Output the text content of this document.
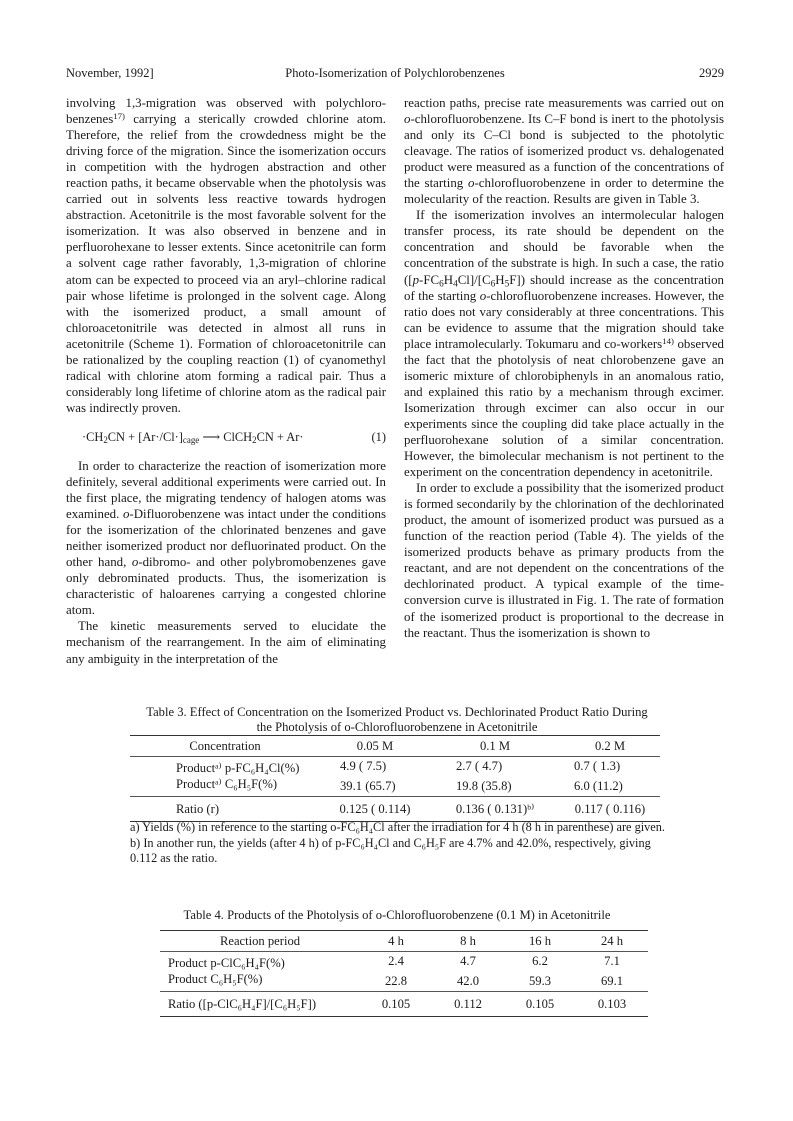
November, 1992]	Photo-Isomerization of Polychlorobenzenes	2929

involving 1,3-migration was observed with polychlorobenzenes$^{17)}$ carrying a sterically crowded chlorine atom. Therefore, the relief from the crowdedness might be the driving force of the migration. Since the isomerization occurs in competition with the hydrogen abstraction and other reaction paths, it became observable when the photolysis was carried out in solvents less reactive towards hydrogen abstraction. Acetonitrile is the most favorable solvent for the isomerization. It was also observed in benzene and in perfluorohexane to lesser extents. Since acetonitrile can form a solvent cage rather favorably, 1,3-migration of chlorine atom can be expected to proceed via an aryl–chlorine radical pair whose lifetime is prolonged in the solvent cage. Along with the isomerized product, a small amount of chloroacetonitrile was detected in almost all runs in acetonitrile (Scheme 1). Formation of chloroacetonitrile can be rationalized by the coupling reaction (1) of cyanomethyl radical with chlorine atom forming a radical pair. Thus a considerably long lifetime of chlorine atom as the radical pair was indirectly proven.

$\cdot CH_2CN + [Ar\cdot/Cl\cdot]_{cage}$ ⟶ ClCH$_2$CN + Ar·	(1)

In order to characterize the reaction of isomerization more definitely, several additional experiments were carried out. In the first place, the migrating tendency of halogen atoms was examined. o-Difluorobenzene was intact under the conditions for the isomerization of the chlorinated benzenes and gave neither isomerized product nor defluorinated product. On the other hand, o-dibromo- and other polybromobenzenes gave only debrominated products. Thus, the isomerization is characteristic of haloarenes carrying a congested chlorine atom.

The kinetic measurements served to elucidate the mechanism of the rearrangement. In the aim of eliminating any ambiguity in the interpretation of the

reaction paths, precise rate measurements was carried out on o-chlorofluorobenzene. Its C–F bond is inert to the photolysis and only its C–Cl bond is subjected to the photolytic cleavage. The ratios of isomerized product vs. dehalogenated product were measured as a function of the concentrations of the starting o-chlorofluorobenzene in order to determine the molecularity of the reaction. Results are given in Table 3.

If the isomerization involves an intermolecular halogen transfer process, its rate should be dependent on the concentration and should be favorable when the concentration of the substrate is high. In such a case, the ratio $([p-FC_6H_4Cl]/[C_6H_5F])$ should increase as the concentration of the starting o-chlorofluorobenzene increases. However, the ratio does not vary considerably at three concentrations. This can be evidence to assume that the migration should take place intramolecularly. Tokumaru and co-workers$^{14)}$ observed the fact that the photolysis of neat chlorobenzene gave an isomeric mixture of chlorobiphenyls in an anomalous ratio, and explained this ratio by a mechanism through excimer. Isomerization through excimer can also occur in our experiments since the coupling did take place actually in the perfluorohexane solution of a similar concentration. However, the bimolecular mechanism is not pertinent to the experiment on the concentration dependency in acetonitrile.

In order to exclude a possibility that the isomerized product is formed secondarily by the chlorination of the dechlorinated product, the amount of isomerized product was pursued as a function of the reaction period (Table 4). The yields of the isomerized products behave as primary products from the reactant, and are not dependent on the concentrations of the dechlorinated product. A typical example of the time-conversion curve is illustrated in Fig. 1. The rate of formation of the isomerized product is proportional to the decrease in the reactant. Thus the isomerization is shown to

Table 3. Effect of Concentration on the Isomerized Product vs. Dechlorinated Product Ratio During
the Photolysis of o-Chlorofluorobenzene in Acetonitrile
Concentration	0.05 M	0.1 M	0.2 M
Productᵃ⁾ p-FC₆H₄Cl(%)	4.9 ( 7.5)	2.7 ( 4.7)	0.7 ( 1.3)
Productᵃ⁾ C₆H₅F(%)	39.1 (65.7)	19.8 (35.8)	6.0 (11.2)
Ratio (r)	0.125 ( 0.114)	0.136 ( 0.131)ᵇ⁾	0.117 ( 0.116)
a) Yields (%) in reference to the starting o-FC₆H₄Cl after the irradiation for 4 h (8 h in parenthese) are given.
b) In another run, the yields (after 4 h) of p-FC₆H₄Cl and C₆H₅F are 4.7% and 42.0%, respectively, giving 0.112 as the ratio.
Table 4. Products of the Photolysis of o-Chlorofluorobenzene (0.1 M) in Acetonitrile
Reaction period	4 h	8 h	16 h	24 h
Product p-ClC₆H₄F(%)	2.4	4.7	6.2	7.1
Product C₆H₅F(%)	22.8	42.0	59.3	69.1
Ratio ([p-ClC₆H₄F]/[C₆H₅F])	0.105	0.112	0.105	0.103
